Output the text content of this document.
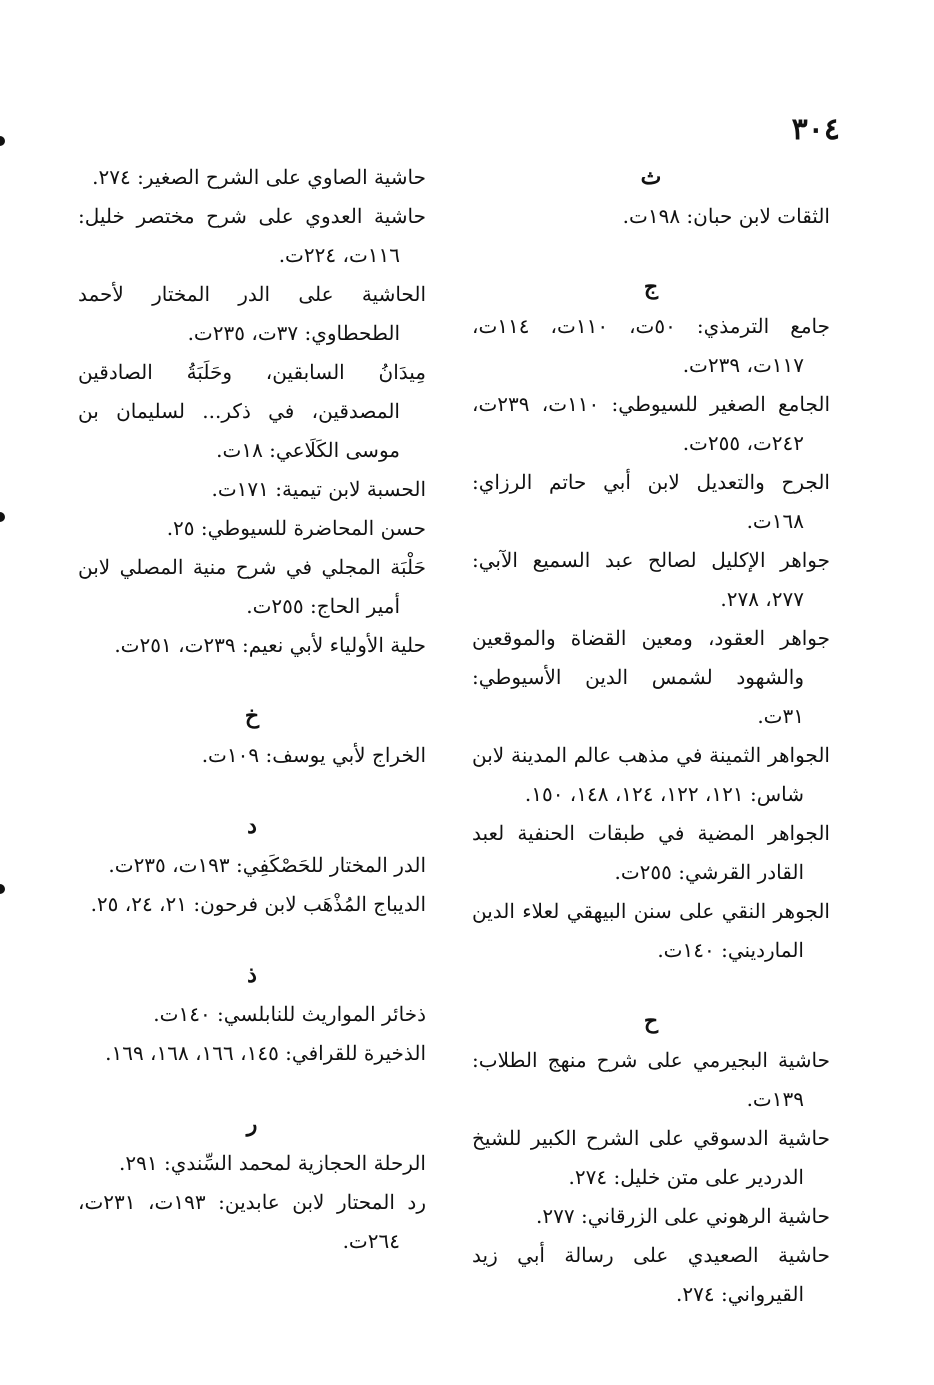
٣٠٤
ث
الثقات لابن حبان: ١٩٨ت.
ج
جامع الترمذي: ٥٠ت، ١١٠ت، ١١٤ت، ١١٧ت، ٢٣٩ت.
الجامع الصغير للسيوطي: ١١٠ت، ٢٣٩ت، ٢٤٢ت، ٢٥٥ت.
الجرح والتعديل لابن أبي حاتم الرزاي: ١٦٨ت.
جواهر الإكليل لصالح عبد السميع الآبي: ٢٧٧، ٢٧٨.
جواهر العقود، ومعين القضاة والموقعين والشهود لشمس الدين الأسيوطي: ٣١ت.
الجواهر الثمينة في مذهب عالم المدينة لابن شاس: ١٢١، ١٢٢، ١٢٤، ١٤٨، ١٥٠.
الجواهر المضية في طبقات الحنفية لعبد القادر القرشي: ٢٥٥ت.
الجوهر النقي على سنن البيهقي لعلاء الدين الماردیني: ١٤٠ت.
ح
حاشية البجيرمي على شرح منهج الطلاب: ١٣٩ت.
حاشية الدسوقي على الشرح الكبير للشيخ الدردير على متن خليل: ٢٧٤.
حاشية الرهوني على الزرقاني: ٢٧٧.
حاشية الصعيدي على رسالة أبي زيد القيرواني: ٢٧٤.
حاشية الصاوي على الشرح الصغير: ٢٧٤.
حاشية العدوي على شرح مختصر خليل: ١١٦ت، ٢٢٤ت.
الحاشية على الدر المختار لأحمد الطحطاوي: ٣٧ت، ٢٣٥ت.
مِيدَانُ السابقين، وحَلَبَةُ الصادقين المصدقين، في ذكر... لسليمان بن موسى الكَلَاعي: ١٨ت.
الحسبة لابن تيمية: ١٧١ت.
حسن المحاضرة للسيوطي: ٢٥.
حَلْبَة المجلي في شرح منية المصلي لابن أمير الحاج: ٢٥٥ت.
حلية الأولياء لأبي نعيم: ٢٣٩ت، ٢٥١ت.
خ
الخراج لأبي يوسف: ١٠٩ت.
د
الدر المختار للحَصْكَفِي: ١٩٣ت، ٢٣٥ت.
الديباج المُذْهَب لابن فرحون: ٢١، ٢٤، ٢٥.
ذ
ذخائر المواريث للنابلسي: ١٤٠ت.
الذخيرة للقرافي: ١٤٥، ١٦٦، ١٦٨، ١٦٩.
ر
الرحلة الحجازية لمحمد السِّندي: ٢٩١.
رد المحتار لابن عابدين: ١٩٣ت، ٢٣١ت، ٢٦٤ت.
